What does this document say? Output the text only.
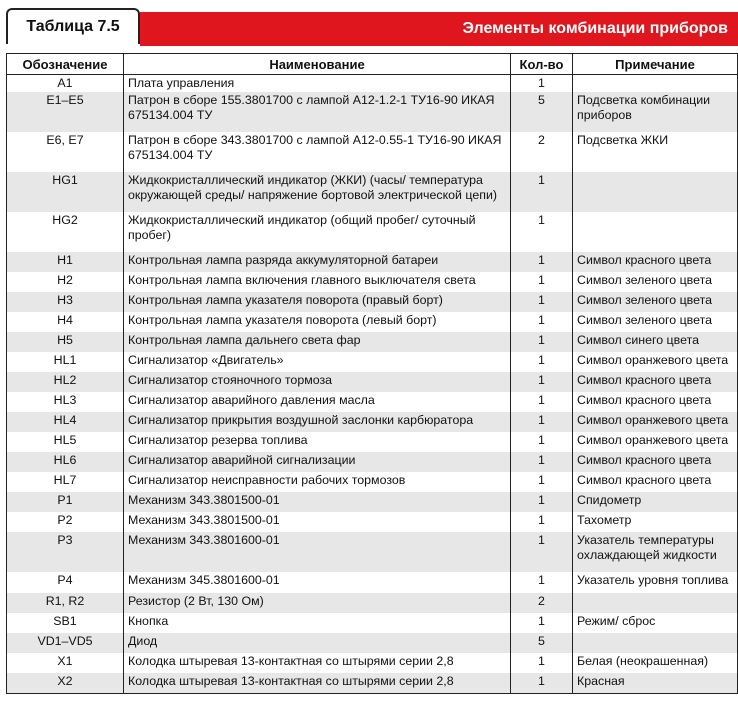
Таблица 7.5	Элементы комбинации приборов
Обозначение	Наименование	Кол-во	Примечание
A1	Плата управления	1	
E1–E5	Патрон в сборе 155.3801700 с лампой А12-1.2-1 ТУ16-90 ИКАЯ 675134.004 ТУ	5	Подсветка комбинации приборов
E6, E7	Патрон в сборе 343.3801700 с лампой А12-0.55-1 ТУ16-90 ИКАЯ 675134.004 ТУ	2	Подсветка ЖКИ
HG1	Жидкокристаллический индикатор (ЖКИ) (часы/ температура окружающей среды/ напряжение бортовой электрической цепи)	1	
HG2	Жидкокристаллический индикатор (общий пробег/ суточный пробег)	1	
H1	Контрольная лампа разряда аккумуляторной батареи	1	Символ красного цвета
H2	Контрольная лампа включения главного выключателя света	1	Символ зеленого цвета
H3	Контрольная лампа указателя поворота (правый борт)	1	Символ зеленого цвета
H4	Контрольная лампа указателя поворота (левый борт)	1	Символ зеленого цвета
H5	Контрольная лампа дальнего света фар	1	Символ синего цвета
HL1	Сигнализатор «Двигатель»	1	Символ оранжевого цвета
HL2	Сигнализатор стояночного тормоза	1	Символ красного цвета
HL3	Сигнализатор аварийного давления масла	1	Символ красного цвета
HL4	Сигнализатор прикрытия воздушной заслонки карбюратора	1	Символ оранжевого цвета
HL5	Сигнализатор резерва топлива	1	Символ оранжевого цвета
HL6	Сигнализатор аварийной сигнализации	1	Символ красного цвета
HL7	Сигнализатор неисправности рабочих тормозов	1	Символ красного цвета
P1	Механизм 343.3801500-01	1	Спидометр
P2	Механизм 343.3801500-01	1	Тахометр
P3	Механизм 343.3801600-01	1	Указатель температуры охлаждающей жидкости
P4	Механизм 345.3801600-01	1	Указатель уровня топлива
R1, R2	Резистор (2 Вт, 130 Ом)	2	
SB1	Кнопка	1	Режим/ сброс
VD1–VD5	Диод	5	
X1	Колодка штыревая 13-контактная со штырями серии 2,8	1	Белая (неокрашенная)
X2	Колодка штыревая 13-контактная со штырями серии 2,8	1	Красная
